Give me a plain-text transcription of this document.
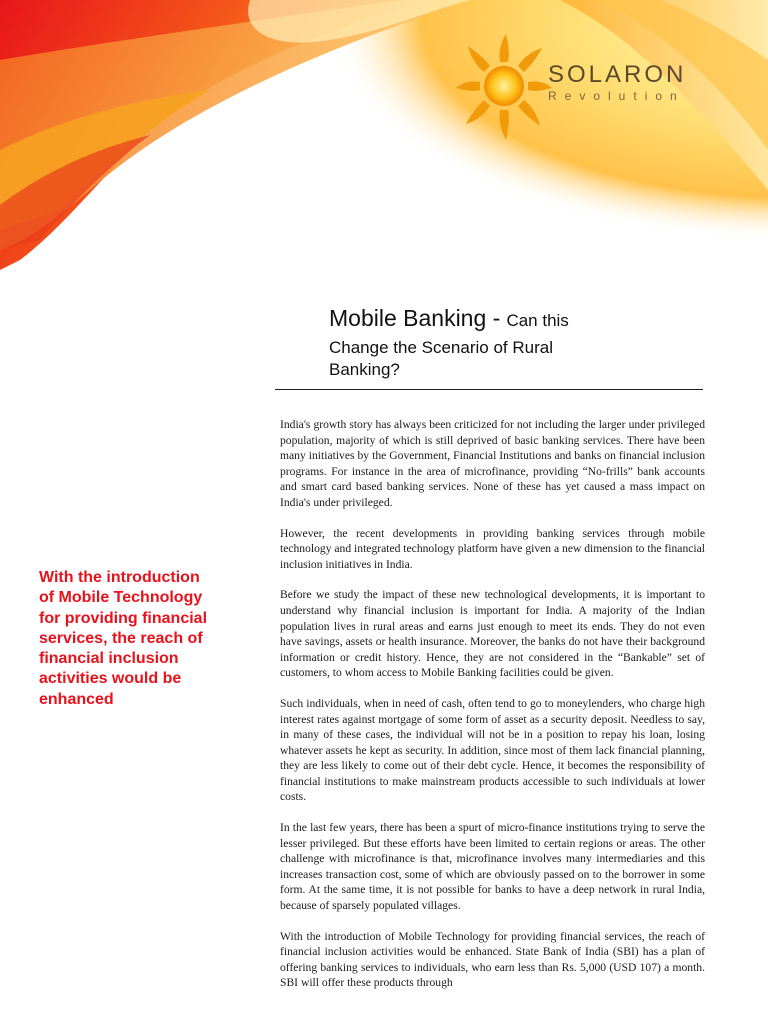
SOLARON
Revolution
Mobile Banking - Can this
Change the Scenario of Rural
Banking?
With the introduction of Mobile Technology for providing financial services, the reach of financial inclusion activities would be enhanced

India's growth story has always been criticized for not including the larger under privileged population, majority of which is still deprived of basic banking services. There have been many initiatives by the Government, Financial Institutions and banks on financial inclusion programs. For instance in the area of microfinance, providing “No-frills” bank accounts and smart card based banking services. None of these has yet caused a mass impact on India's under privileged.

However, the recent developments in providing banking services through mobile technology and integrated technology platform have given a new dimension to the financial inclusion initiatives in India.

Before we study the impact of these new technological developments, it is important to understand why financial inclusion is important for India. A majority of the Indian population lives in rural areas and earns just enough to meet its ends. They do not even have savings, assets or health insurance. Moreover, the banks do not have their background information or credit history. Hence, they are not considered in the “Bankable” set of customers, to whom access to Mobile Banking facilities could be given.

Such individuals, when in need of cash, often tend to go to moneylenders, who charge high interest rates against mortgage of some form of asset as a security deposit. Needless to say, in many of these cases, the individual will not be in a position to repay his loan, losing whatever assets he kept as security. In addition, since most of them lack financial planning, they are less likely to come out of their debt cycle. Hence, it becomes the responsibility of financial institutions to make mainstream products accessible to such individuals at lower costs.

In the last few years, there has been a spurt of micro-finance institutions trying to serve the lesser privileged. But these efforts have been limited to certain regions or areas. The other challenge with microfinance is that, microfinance involves many intermediaries and this increases transaction cost, some of which are obviously passed on to the borrower in some form. At the same time, it is not possible for banks to have a deep network in rural India, because of sparsely populated villages.

With the introduction of Mobile Technology for providing financial services, the reach of financial inclusion activities would be enhanced. State Bank of India (SBI) has a plan of offering banking services to individuals, who earn less than Rs. 5,000 (USD 107) a month. SBI will offer these products through
